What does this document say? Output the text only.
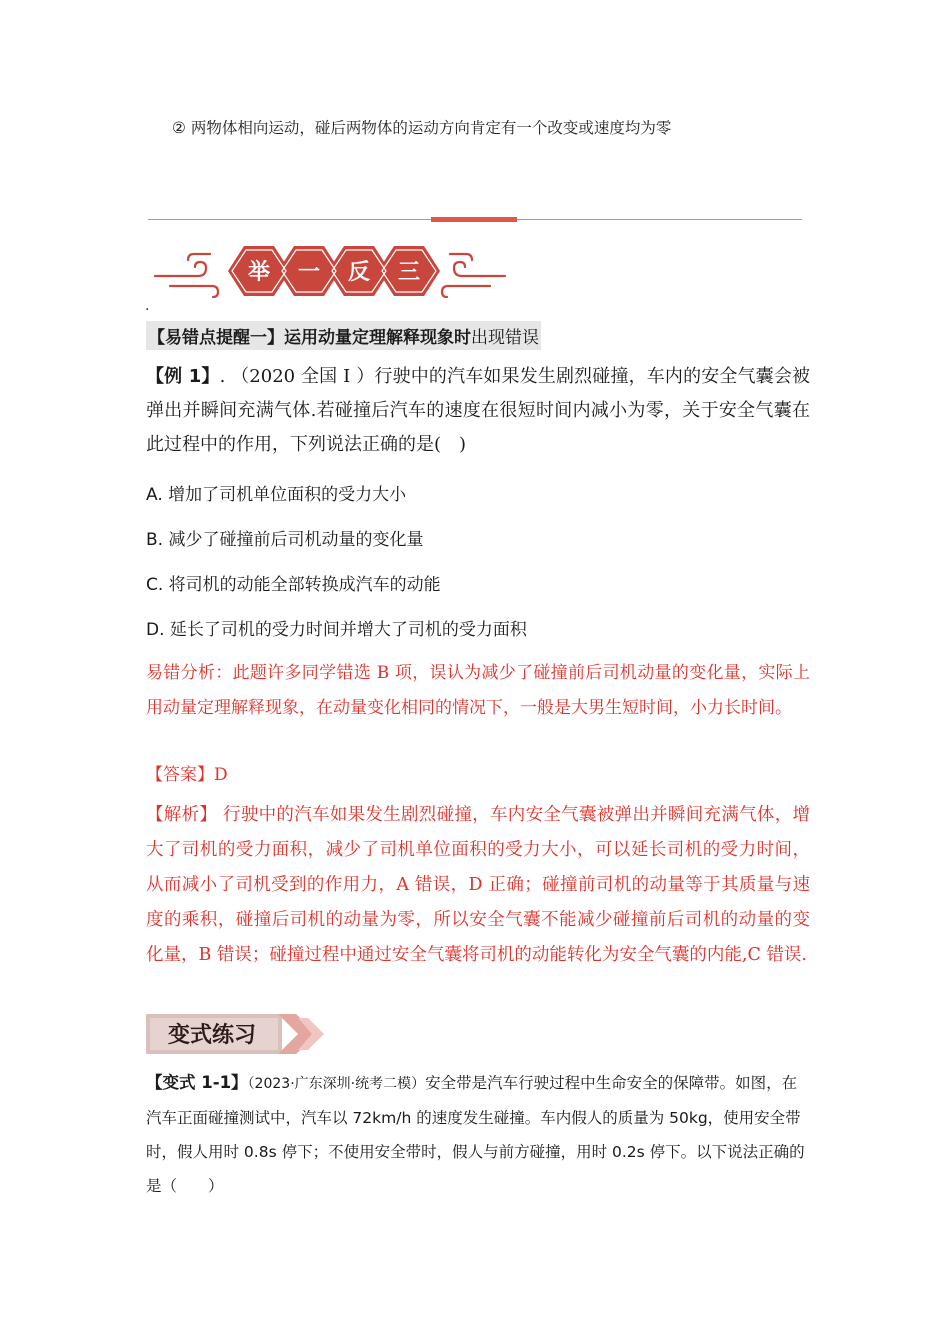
② 两物体相向运动，碰后两物体的运动方向肯定有一个改变或速度均为零
举 一 反 三
.
【易错点提醒一】运用动量定理解释现象时出现错误
【例 1】. （2020 全国 Ⅰ ）行驶中的汽车如果发生剧烈碰撞，车内的安全气囊会被弹出并瞬间充满气体.若碰撞后汽车的速度在很短时间内减小为零，关于安全气囊在此过程中的作用，下列说法正确的是(　)
A. 增加了司机单位面积的受力大小
B. 减少了碰撞前后司机动量的变化量
C. 将司机的动能全部转换成汽车的动能
D. 延长了司机的受力时间并增大了司机的受力面积
易错分析：此题许多同学错选 B 项，误认为减少了碰撞前后司机动量的变化量，实际上用动量定理解释现象，在动量变化相同的情况下，一般是大男生短时间，小力长时间。
【答案】D
【解析】 行驶中的汽车如果发生剧烈碰撞，车内安全气囊被弹出并瞬间充满气体，增大了司机的受力面积，减少了司机单位面积的受力大小，可以延长司机的受力时间，从而减小了司机受到的作用力，A 错误，D 正确；碰撞前司机的动量等于其质量与速度的乘积，碰撞后司机的动量为零，所以安全气囊不能减少碰撞前后司机的动量的变化量，B 错误；碰撞过程中通过安全气囊将司机的动能转化为安全气囊的内能,C 错误.
变式练习
【变式 1-1】（2023·广东深圳·统考二模）安全带是汽车行驶过程中生命安全的保障带。如图，在汽车正面碰撞测试中，汽车以 72km/h 的速度发生碰撞。车内假人的质量为 50kg，使用安全带时，假人用时 0.8s 停下；不使用安全带时，假人与前方碰撞，用时 0.2s 停下。以下说法正确的是（　　）
